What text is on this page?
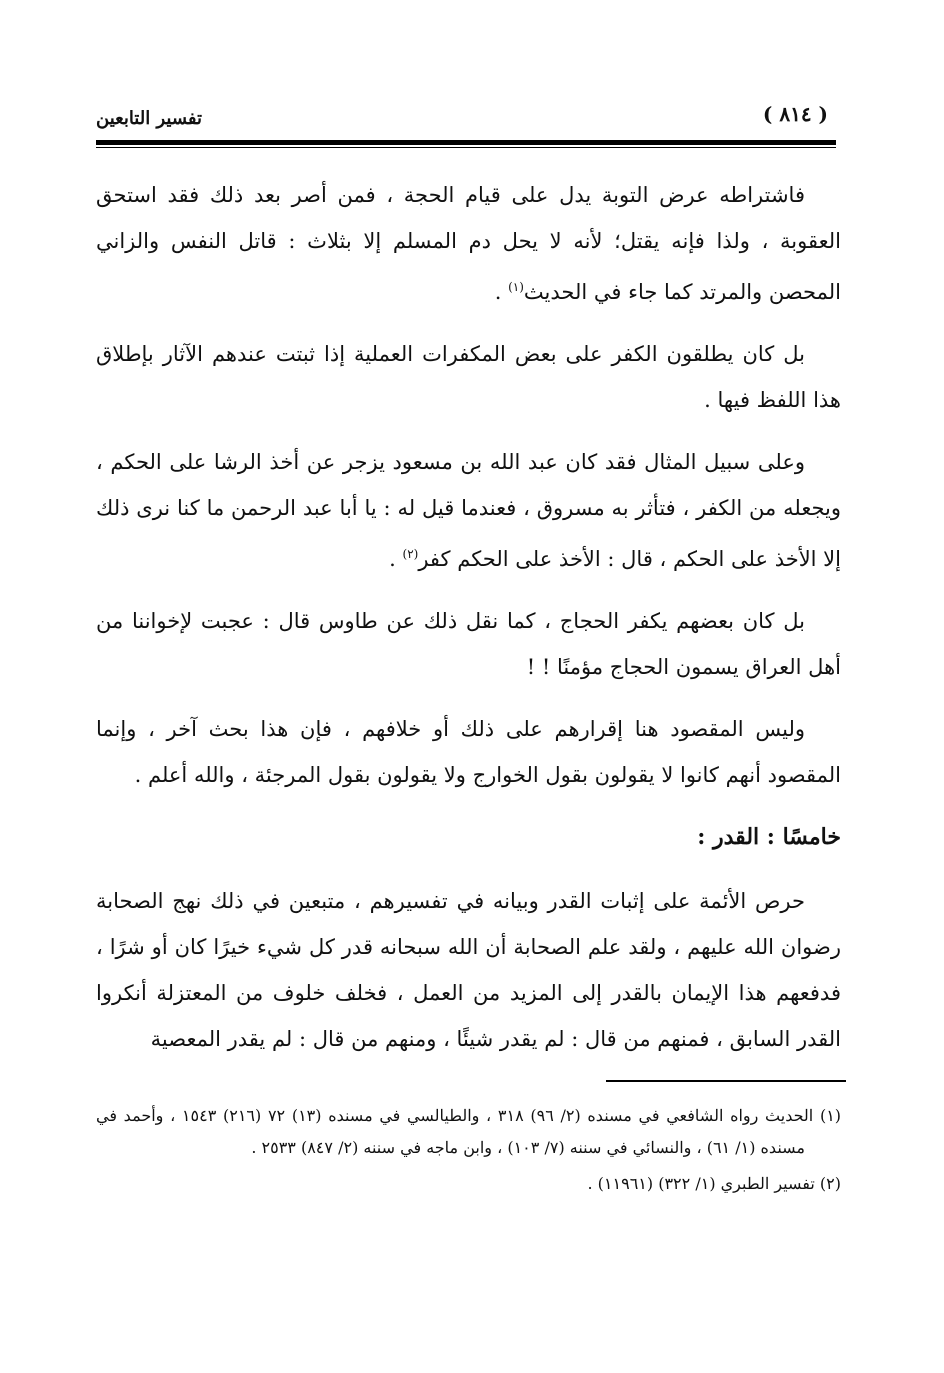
( ٨١٤ )
تفسير التابعين

فاشتراطه عرض التوبة يدل على قيام الحجة ، فمن أصر بعد ذلك فقد استحق العقوبة ، ولذا فإنه يقتل؛ لأنه لا يحل دم المسلم إلا بثلاث : قاتل النفس والزاني المحصن والمرتد كما جاء في الحديث$^{(١)}$ .

بل كان يطلقون الكفر على بعض المكفرات العملية إذا ثبتت عندهم الآثار بإطلاق هذا اللفظ فيها .

وعلى سبيل المثال فقد كان عبد الله بن مسعود يزجر عن أخذ الرشا على الحكم ، ويجعله من الكفر ، فتأثر به مسروق ، فعندما قيل له : يا أبا عبد الرحمن ما كنا نرى ذلك إلا الأخذ على الحكم ، قال : الأخذ على الحكم كفر$^{(٢)}$ .

بل كان بعضهم يكفر الحجاج ، كما نقل ذلك عن طاوس قال : عجبت لإخواننا من أهل العراق يسمون الحجاج مؤمنًا ! !

وليس المقصود هنا إقرارهم على ذلك أو خلافهم ، فإن هذا بحث آخر ، وإنما المقصود أنهم كانوا لا يقولون بقول الخوارج ولا يقولون بقول المرجئة ، والله أعلم .

خامسًا : القدر :

حرص الأئمة على إثبات القدر وبيانه في تفسيرهم ، متبعين في ذلك نهج الصحابة رضوان الله عليهم ، ولقد علم الصحابة أن الله سبحانه قدر كل شيء خيرًا كان أو شرًا ، فدفعهم هذا الإيمان بالقدر إلى المزيد من العمل ، فخلف خلوف من المعتزلة أنكروا القدر السابق ، فمنهم من قال : لم يقدر شيئًا ، ومنهم من قال : لم يقدر المعصية

(١) الحديث رواه الشافعي في مسنده (٢/ ٩٦) ٣١٨ ، والطيالسي في مسنده (١٣) ٧٢ (٢١٦) ١٥٤٣ ، وأحمد في مسنده (١/ ٦١) ، والنسائي في سننه (٧/ ١٠٣) ، وابن ماجه في سننه (٢/ ٨٤٧) ٢٥٣٣ .

(٢) تفسير الطبري (١/ ٣٢٢) (١١٩٦١) .
